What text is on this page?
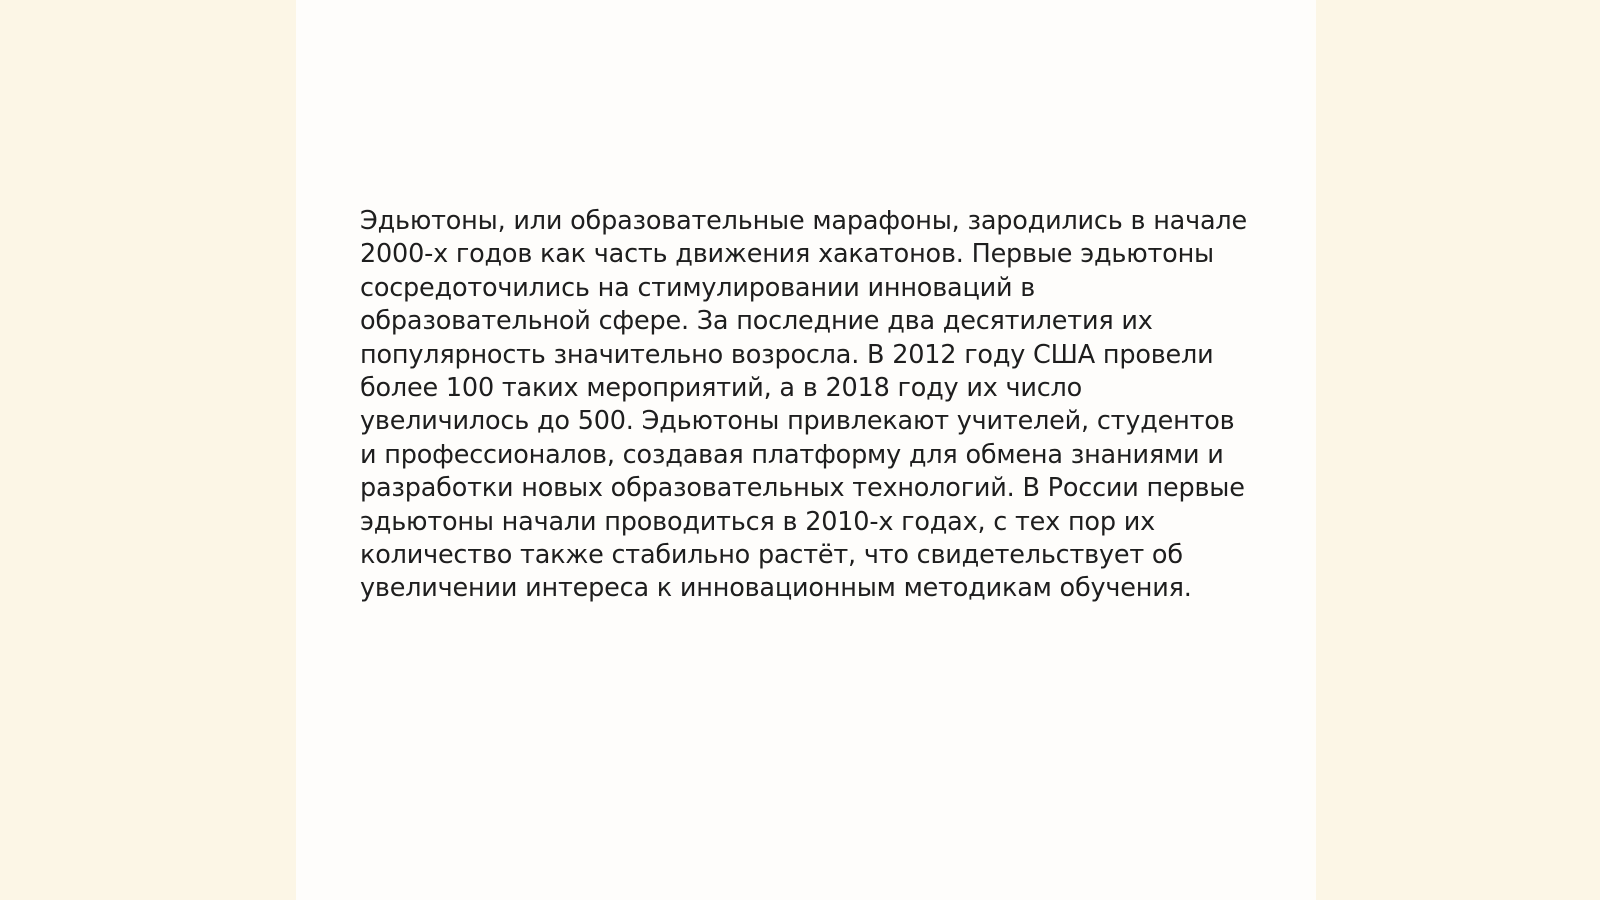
Эдьютоны, или образовательные марафоны, зародились в начале 2000-х годов как часть движения хакатонов. Первые эдьютоны сосредоточились на стимулировании инноваций в образовательной сфере. За последние два десятилетия их популярность значительно возросла. В 2012 году США провели более 100 таких мероприятий, а в 2018 году их число увеличилось до 500. Эдьютоны привлекают учителей, студентов и профессионалов, создавая платформу для обмена знаниями и разработки новых образовательных технологий. В России первые эдьютоны начали проводиться в 2010-х годах, с тех пор их количество также стабильно растёт, что свидетельствует об увеличении интереса к инновационным методикам обучения.
